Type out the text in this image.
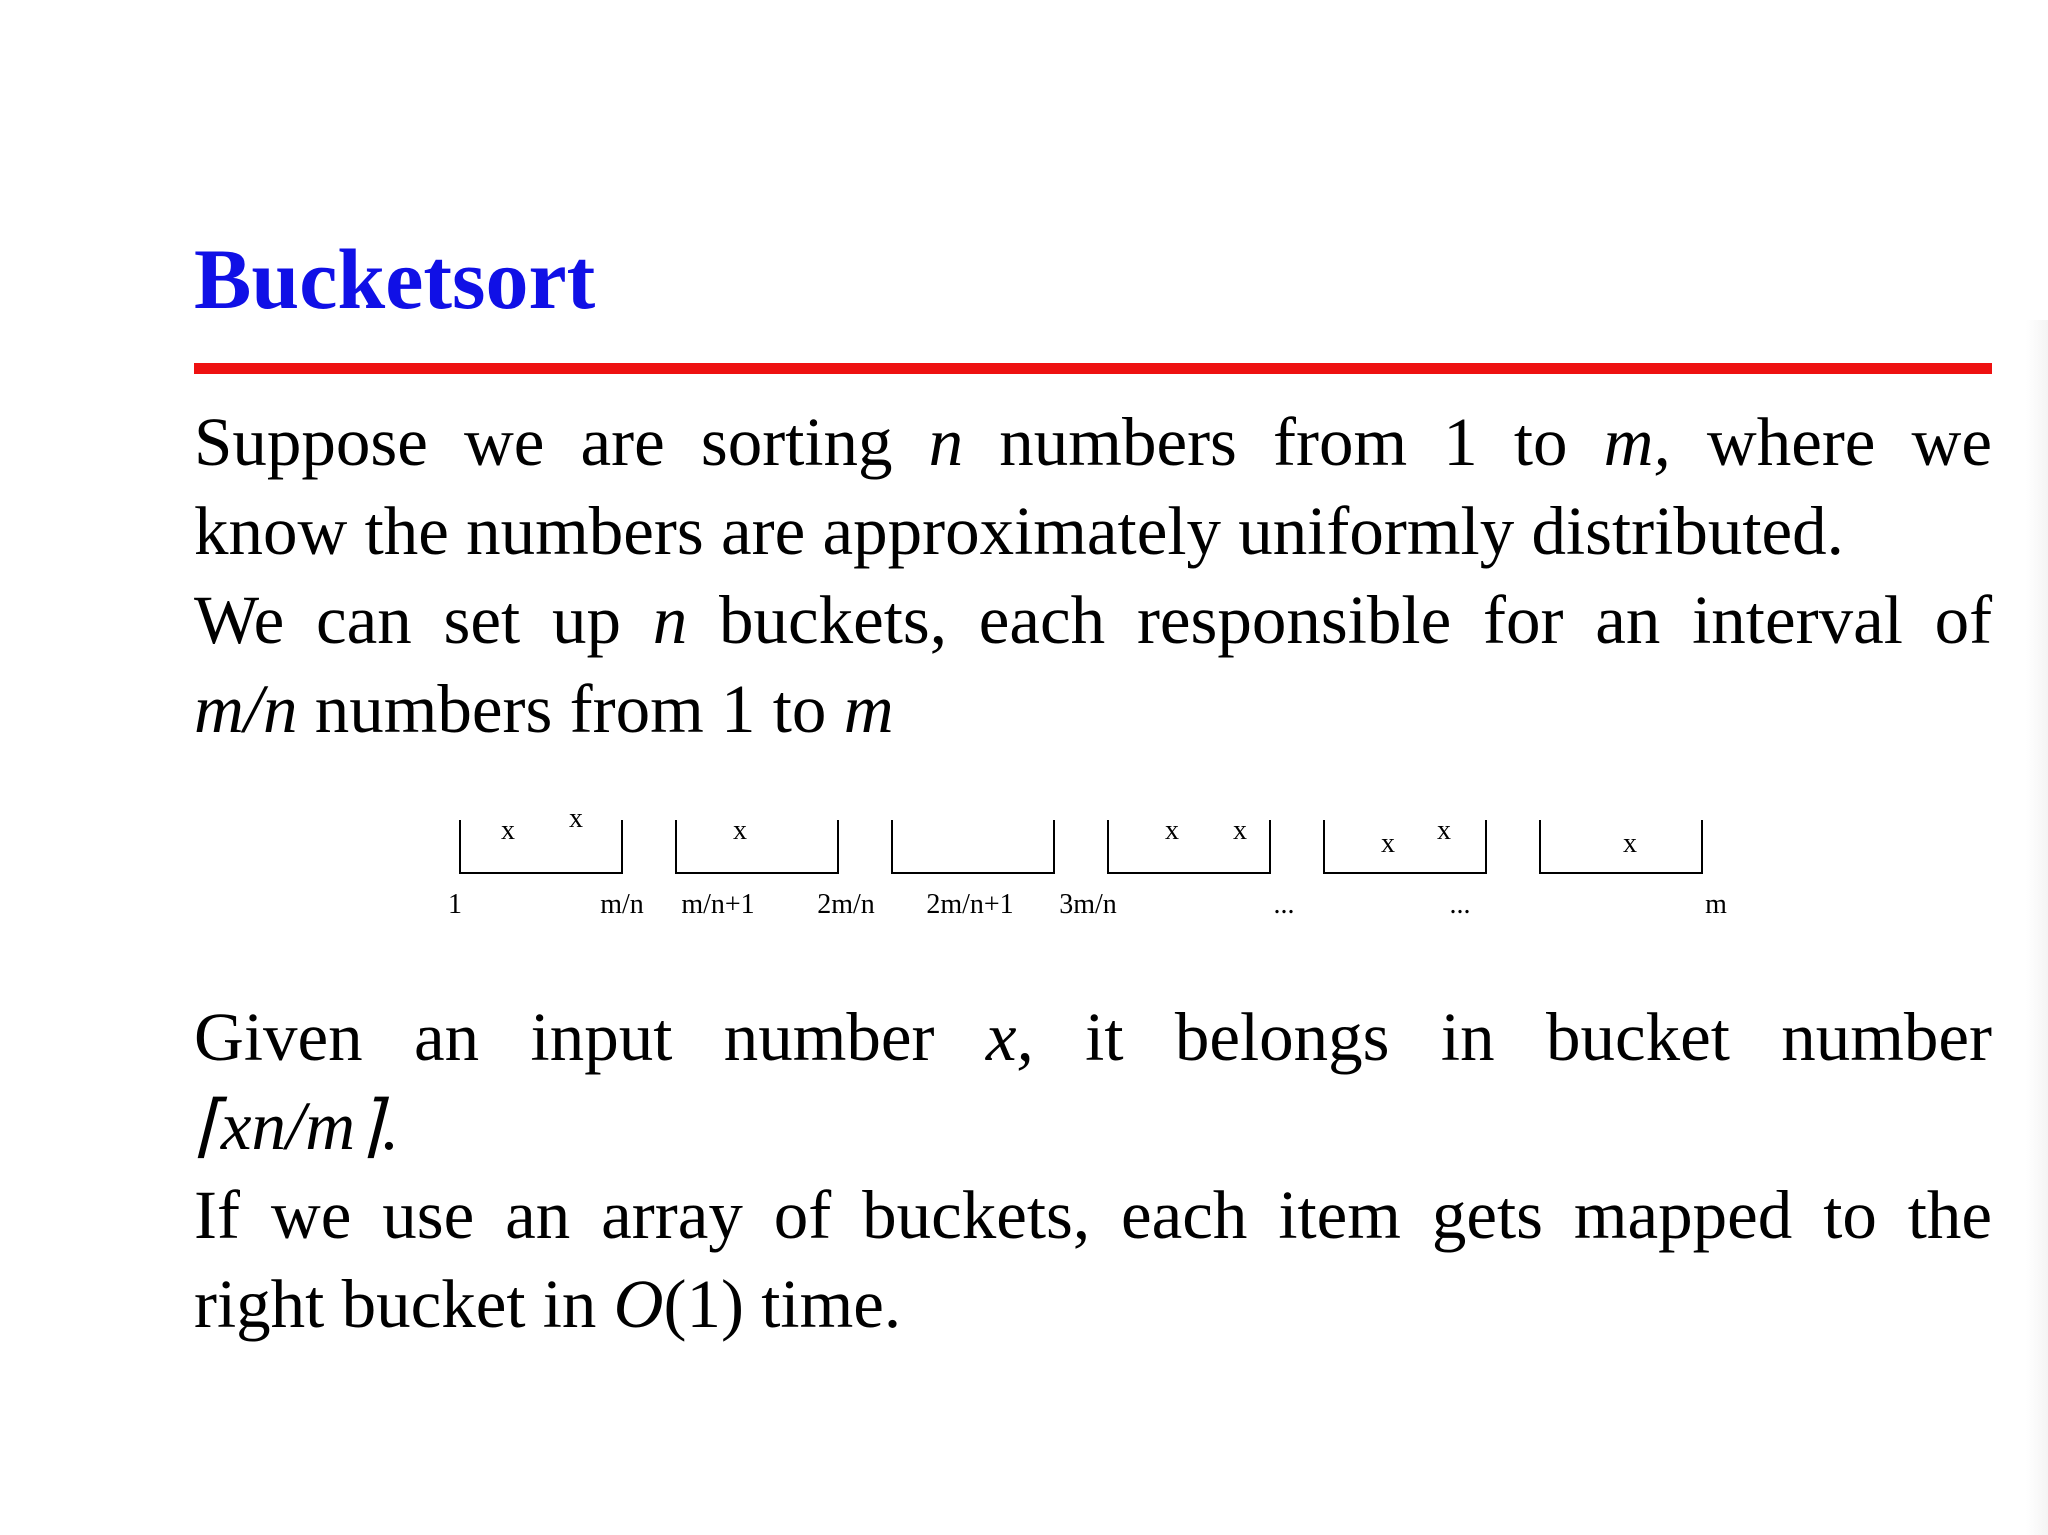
Bucketsort
Suppose we are sorting n numbers from 1 to m, where we
know the numbers are approximately uniformly distributed.
We can set up n buckets, each responsible for an interval of
m/n numbers from 1 to m
x x	x	x x	x x	x
1	m/n m/n+1 2m/n 2m/n+1 3m/n	...	...	m
Given an input number x, it belongs in bucket number
⌈xn/m⌉.
If we use an array of buckets, each item gets mapped to the
right bucket in O(1) time.
